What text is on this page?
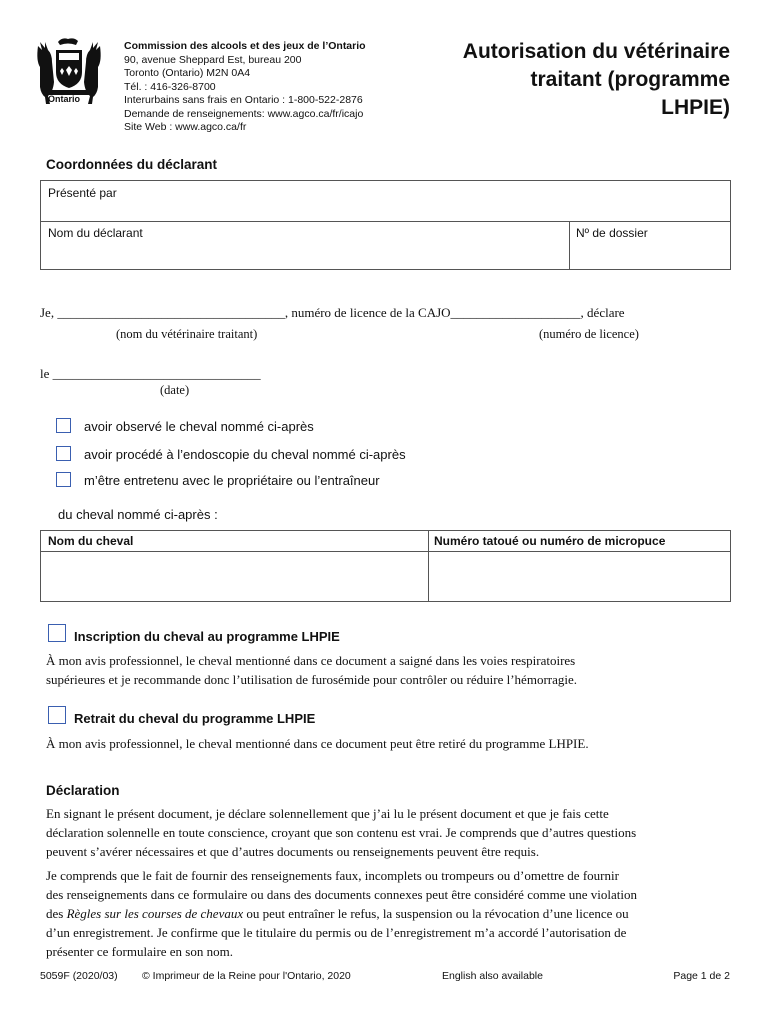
Ontario
Commission des alcools et des jeux de l’Ontario
90, avenue Sheppard Est, bureau 200
Toronto (Ontario) M2N 0A4
Tél. : 416-326-8700
Interurbains sans frais en Ontario : 1-800-522-2876
Demande de renseignements: www.agco.ca/fr/icajo
Site Web : www.agco.ca/fr
Autorisation du vétérinaire
traitant (programme
LHPIE)
Coordonnées du déclarant
Présenté par
Nom du déclarant	Nº de dossier
Je, ___________________________________, numéro de licence de la CAJO____________________, déclare
(nom du vétérinaire traitant)	(numéro de licence)
le ________________________________
(date)
avoir observé le cheval nommé ci-après
avoir procédé à l’endoscopie du cheval nommé ci-après
m’être entretenu avec le propriétaire ou l’entraîneur
du cheval nommé ci-après :
Nom du cheval	Numéro tatoué ou numéro de micropuce
Inscription du cheval au programme LHPIE
À mon avis professionnel, le cheval mentionné dans ce document a saigné dans les voies respiratoires
supérieures et je recommande donc l’utilisation de furosémide pour contrôler ou réduire l’hémorragie.
Retrait du cheval du programme LHPIE
À mon avis professionnel, le cheval mentionné dans ce document peut être retiré du programme LHPIE.
Déclaration
En signant le présent document, je déclare solennellement que j’ai lu le présent document et que je fais cette
déclaration solennelle en toute conscience, croyant que son contenu est vrai. Je comprends que d’autres questions
peuvent s’avérer nécessaires et que d’autres documents ou renseignements peuvent être requis.
Je comprends que le fait de fournir des renseignements faux, incomplets ou trompeurs ou d’omettre de fournir
des renseignements dans ce formulaire ou dans des documents connexes peut être considéré comme une violation
des Règles sur les courses de chevaux ou peut entraîner le refus, la suspension ou la révocation d’une licence ou
d’un enregistrement. Je confirme que le titulaire du permis ou de l’enregistrement m’a accordé l’autorisation de
présenter ce formulaire en son nom.
5059F (2020/03) © Imprimeur de la Reine pour l'Ontario, 2020	English also available	Page 1 de 2
